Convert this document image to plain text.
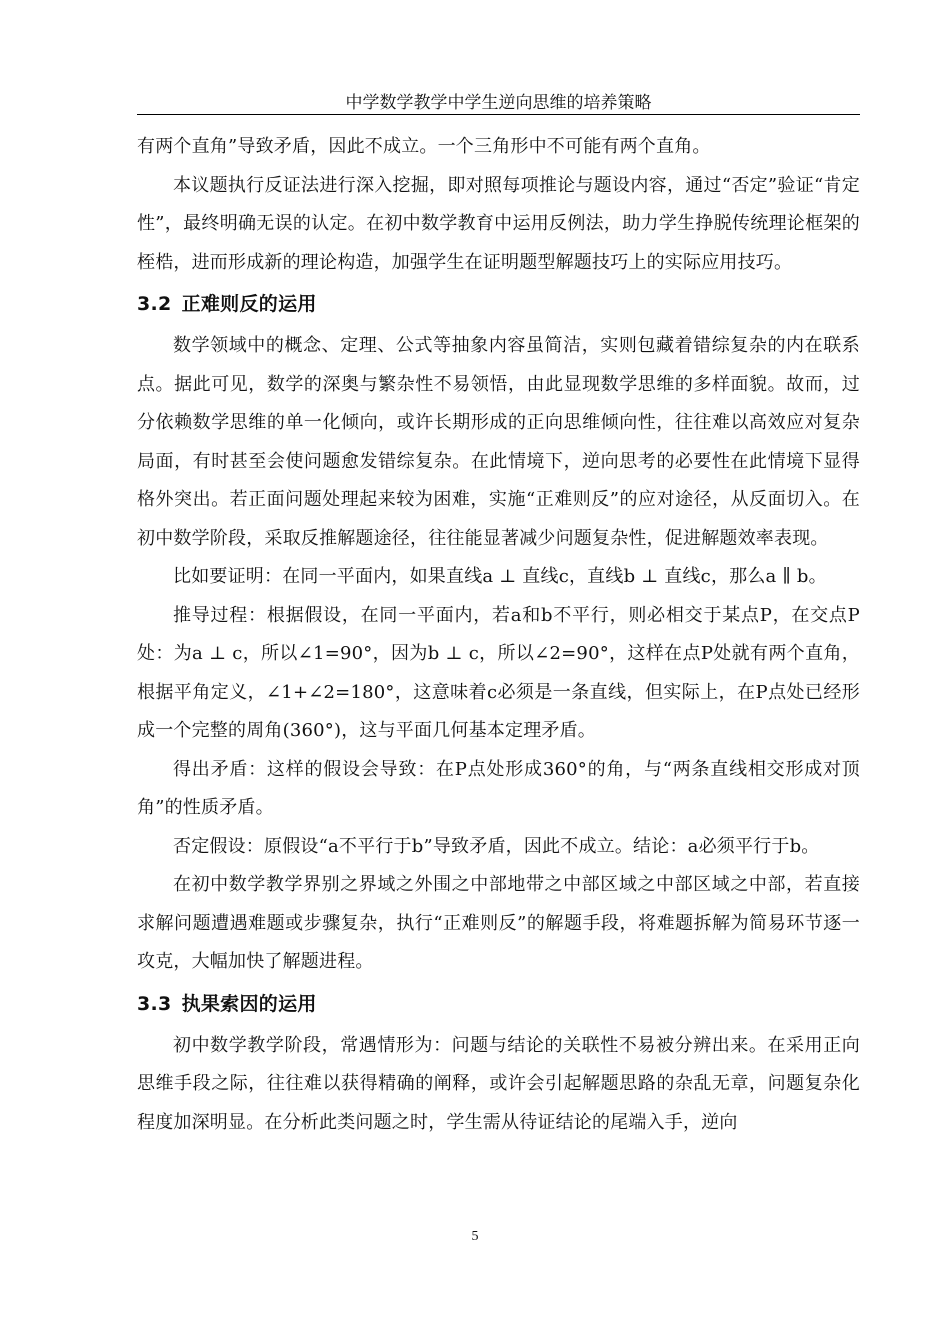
中学数学教学中学生逆向思维的培养策略

有两个直角”导致矛盾，因此不成立。一个三角形中不可能有两个直角。

本议题执行反证法进行深入挖掘，即对照每项推论与题设内容，通过“否定”验证“肯定性”，最终明确无误的认定。在初中数学教育中运用反例法，助力学生挣脱传统理论框架的桎梏，进而形成新的理论构造，加强学生在证明题型解题技巧上的实际应用技巧。

3.2 正难则反的运用

数学领域中的概念、定理、公式等抽象内容虽简洁，实则包藏着错综复杂的内在联系点。据此可见，数学的深奥与繁杂性不易领悟，由此显现数学思维的多样面貌。故而，过分依赖数学思维的单一化倾向，或许长期形成的正向思维倾向性，往往难以高效应对复杂局面，有时甚至会使问题愈发错综复杂。在此情境下，逆向思考的必要性在此情境下显得格外突出。若正面问题处理起来较为困难，实施“正难则反”的应对途径，从反面切入。在初中数学阶段，采取反推解题途径，往往能显著减少问题复杂性，促进解题效率表现。

比如要证明：在同一平面内，如果直线a ⊥ 直线c，直线b ⊥ 直线c，那么a ∥ b。

推导过程：根据假设，在同一平面内，若a和b不平行，则必相交于某点P，在交点P处：为a ⊥ c，所以∠1=90°，因为b ⊥ c，所以∠2=90°，这样在点P处就有两个直角，根据平角定义，∠1+∠2=180°，这意味着c必须是一条直线，但实际上，在P点处已经形成一个完整的周角(360°)，这与平面几何基本定理矛盾。

得出矛盾：这样的假设会导致：在P点处形成360°的角，与“两条直线相交形成对顶角”的性质矛盾。

否定假设：原假设“a不平行于b”导致矛盾，因此不成立。结论：a必须平行于b。

在初中数学教学界别之界域之外围之中部地带之中部区域之中部区域之中部，若直接求解问题遭遇难题或步骤复杂，执行“正难则反”的解题手段，将难题拆解为简易环节逐一攻克，大幅加快了解题进程。

3.3 执果索因的运用

初中数学教学阶段，常遇情形为：问题与结论的关联性不易被分辨出来。在采用正向思维手段之际，往往难以获得精确的阐释，或许会引起解题思路的杂乱无章，问题复杂化程度加深明显。在分析此类问题之时，学生需从待证结论的尾端入手，逆向

5
